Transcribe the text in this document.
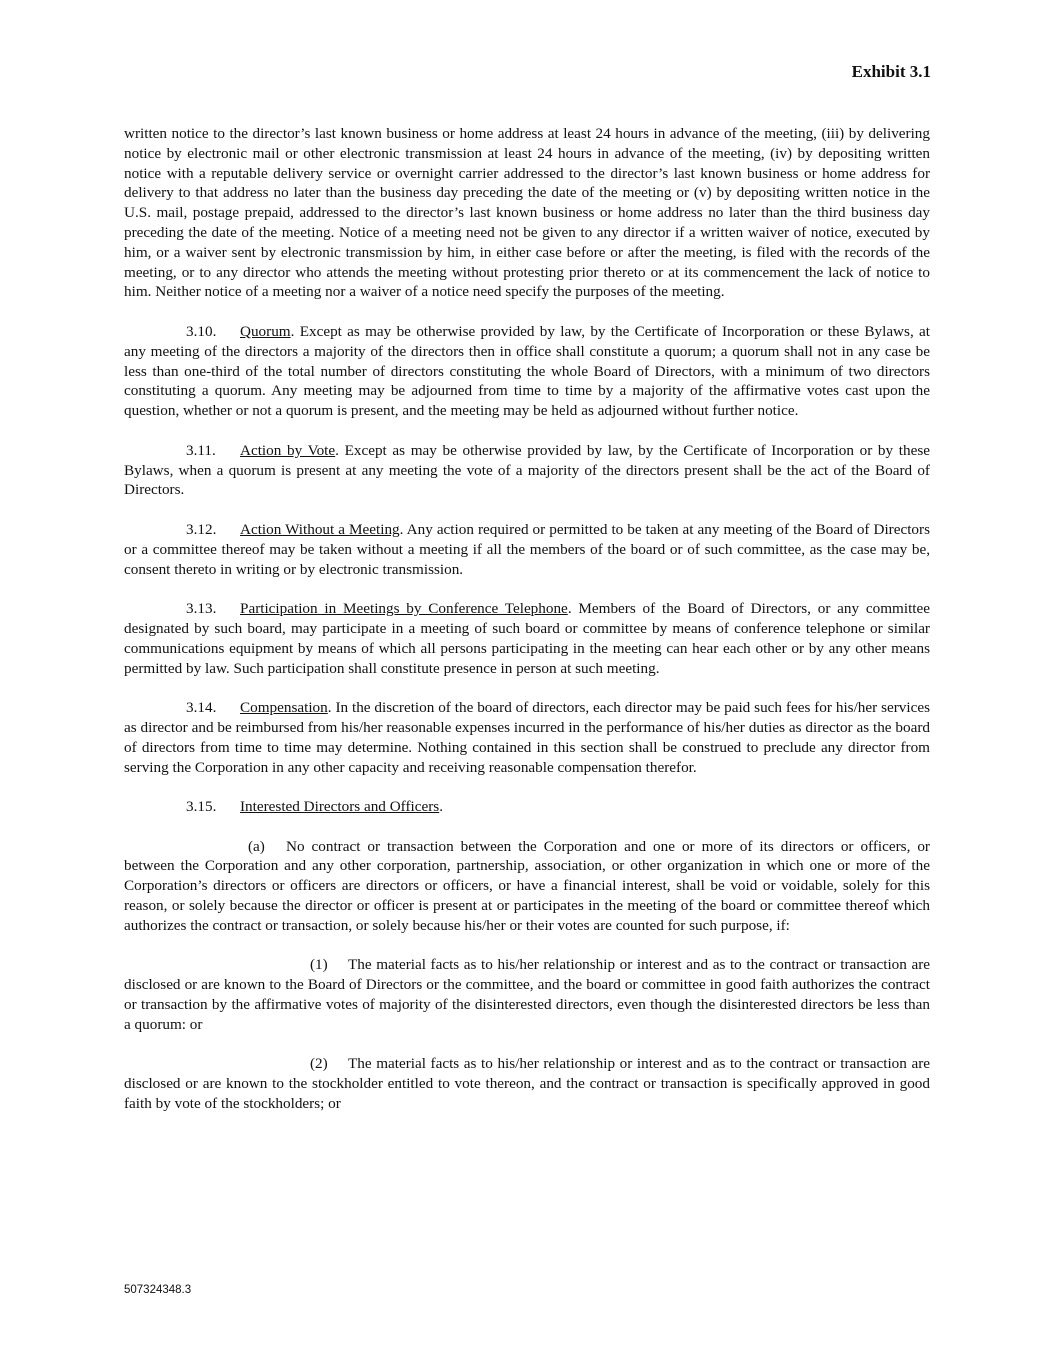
Exhibit 3.1

written notice to the director’s last known business or home address at least 24 hours in advance of the meeting, (iii) by delivering notice by electronic mail or other electronic transmission at least 24 hours in advance of the meeting, (iv) by depositing written notice with a reputable delivery service or overnight carrier addressed to the director’s last known business or home address for delivery to that address no later than the business day preceding the date of the meeting or (v) by depositing written notice in the U.S. mail, postage prepaid, addressed to the director’s last known business or home address no later than the third business day preceding the date of the meeting. Notice of a meeting need not be given to any director if a written waiver of notice, executed by him, or a waiver sent by electronic transmission by him, in either case before or after the meeting, is filed with the records of the meeting, or to any director who attends the meeting without protesting prior thereto or at its commencement the lack of notice to him. Neither notice of a meeting nor a waiver of a notice need specify the purposes of the meeting.

3.10. Quorum. Except as may be otherwise provided by law, by the Certificate of Incorporation or these Bylaws, at any meeting of the directors a majority of the directors then in office shall constitute a quorum; a quorum shall not in any case be less than one-third of the total number of directors constituting the whole Board of Directors, with a minimum of two directors constituting a quorum. Any meeting may be adjourned from time to time by a majority of the affirmative votes cast upon the question, whether or not a quorum is present, and the meeting may be held as adjourned without further notice.

3.11. Action by Vote. Except as may be otherwise provided by law, by the Certificate of Incorporation or by these Bylaws, when a quorum is present at any meeting the vote of a majority of the directors present shall be the act of the Board of Directors.

3.12. Action Without a Meeting. Any action required or permitted to be taken at any meeting of the Board of Directors or a committee thereof may be taken without a meeting if all the members of the board or of such committee, as the case may be, consent thereto in writing or by electronic transmission.

3.13. Participation in Meetings by Conference Telephone. Members of the Board of Directors, or any committee designated by such board, may participate in a meeting of such board or committee by means of conference telephone or similar communications equipment by means of which all persons participating in the meeting can hear each other or by any other means permitted by law. Such participation shall constitute presence in person at such meeting.

3.14. Compensation. In the discretion of the board of directors, each director may be paid such fees for his/her services as director and be reimbursed from his/her reasonable expenses incurred in the performance of his/her duties as director as the board of directors from time to time may determine. Nothing contained in this section shall be construed to preclude any director from serving the Corporation in any other capacity and receiving reasonable compensation therefor.

3.15. Interested Directors and Officers.

(a) No contract or transaction between the Corporation and one or more of its directors or officers, or between the Corporation and any other corporation, partnership, association, or other organization in which one or more of the Corporation’s directors or officers are directors or officers, or have a financial interest, shall be void or voidable, solely for this reason, or solely because the director or officer is present at or participates in the meeting of the board or committee thereof which authorizes the contract or transaction, or solely because his/her or their votes are counted for such purpose, if:

(1) The material facts as to his/her relationship or interest and as to the contract or transaction are disclosed or are known to the Board of Directors or the committee, and the board or committee in good faith authorizes the contract or transaction by the affirmative votes of majority of the disinterested directors, even though the disinterested directors be less than a quorum: or

(2) The material facts as to his/her relationship or interest and as to the contract or transaction are disclosed or are known to the stockholder entitled to vote thereon, and the contract or transaction is specifically approved in good faith by vote of the stockholders; or

507324348.3
